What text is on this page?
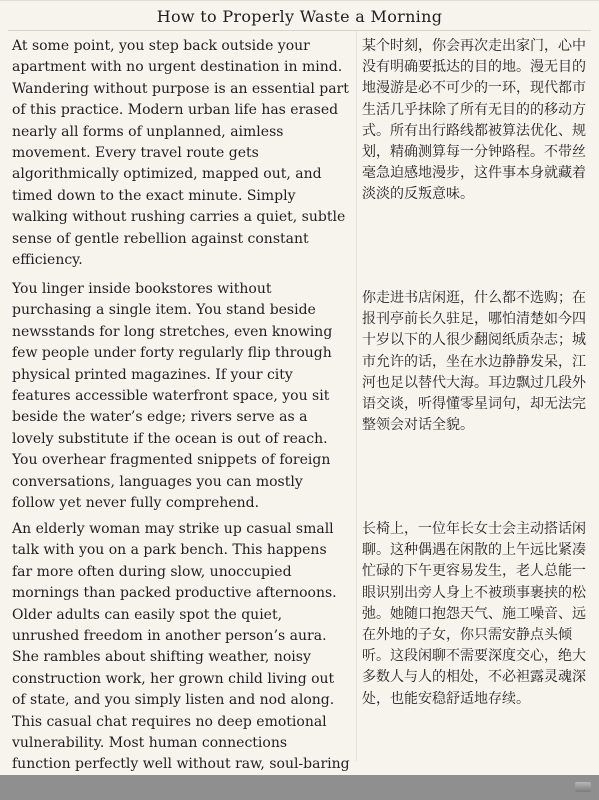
How to Properly Waste a Morning
At some point, you step back outside your apartment with no urgent destination in mind. Wandering without purpose is an essential part of this practice. Modern urban life has erased nearly all forms of unplanned, aimless movement. Every travel route gets algorithmically optimized, mapped out, and timed down to the exact minute. Simply walking without rushing carries a quiet, subtle sense of gentle rebellion against constant efficiency.
某个时刻，你会再次走出家门，心中没有明确要抵达的目的地。漫无目的地漫游是必不可少的一环，现代都市生活几乎抹除了所有无目的的移动方式。所有出行路线都被算法优化、规划，精确测算每一分钟路程。不带丝毫急迫感地漫步，这件事本身就藏着淡淡的反叛意味。
You linger inside bookstores without purchasing a single item. You stand beside newsstands for long stretches, even knowing few people under forty regularly flip through physical printed magazines. If your city features accessible waterfront space, you sit beside the water’s edge; rivers serve as a lovely substitute if the ocean is out of reach. You overhear fragmented snippets of foreign conversations, languages you can mostly follow yet never fully comprehend.
你走进书店闲逛，什么都不选购；在报刊亭前长久驻足，哪怕清楚如今四十岁以下的人很少翻阅纸质杂志；城市允许的话，坐在水边静静发呆，江河也足以替代大海。耳边飘过几段外语交谈，听得懂零星词句，却无法完整领会对话全貌。
An elderly woman may strike up casual small talk with you on a park bench. This happens far more often during slow, unoccupied mornings than packed productive afternoons. Older adults can easily spot the quiet, unrushed freedom in another person’s aura. She rambles about shifting weather, noisy construction work, her grown child living out of state, and you simply listen and nod along. This casual chat requires no deep emotional vulnerability. Most human connections function perfectly well without raw, soul-baring
长椅上，一位年长女士会主动搭话闲聊。这种偶遇在闲散的上午远比紧凑忙碌的下午更容易发生，老人总能一眼识别出旁人身上不被琐事裹挟的松弛。她随口抱怨天气、施工噪音、远在外地的子女，你只需安静点头倾听。这段闲聊不需要深度交心，绝大多数人与人的相处，不必袒露灵魂深处，也能安稳舒适地存续。
